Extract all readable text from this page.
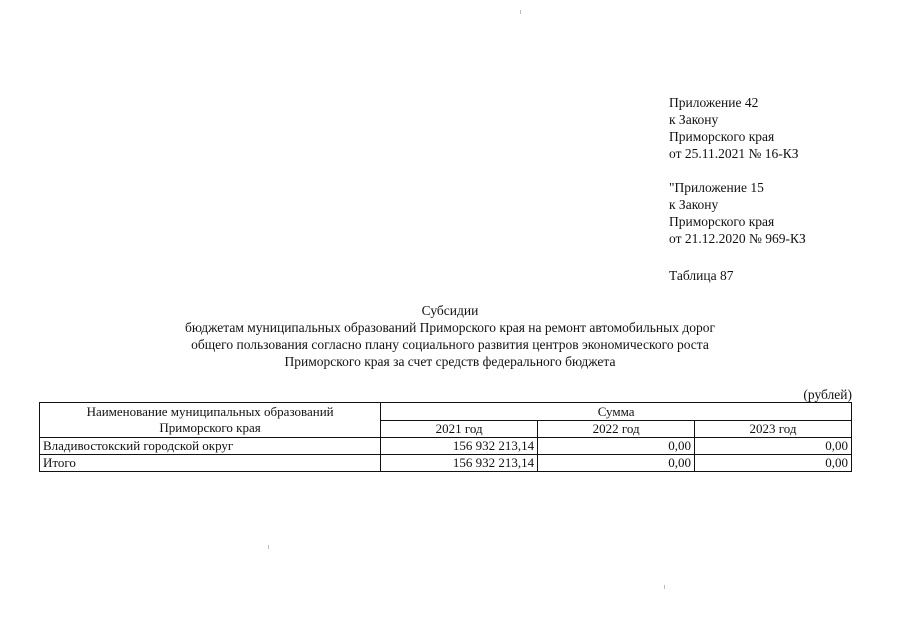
Приложение 42
к Закону
Приморского края
от 25.11.2021 № 16-КЗ
"Приложение 15
к Закону
Приморского края
от 21.12.2020 № 969-КЗ
Таблица 87
Субсидии
бюджетам муниципальных образований Приморского края на ремонт автомобильных дорог
общего пользования согласно плану социального развития центров экономического роста
Приморского края за счет средств федерального бюджета
(рублей)
Наименование муниципальных образований
Приморского края	Сумма		
	2021 год	2022 год	2023 год
Владивостокский городской округ	156 932 213,14	0,00	0,00
Итого	156 932 213,14	0,00	0,00
